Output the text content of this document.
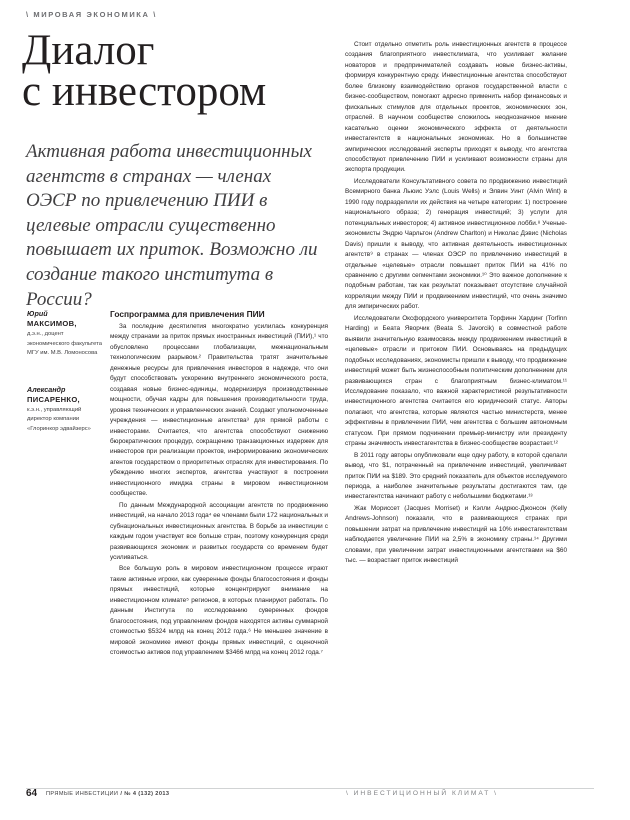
\ МИРОВАЯ ЭКОНОМИКА \
Диалог
с инвестором

Активная работа инвестиционных агентств в странах — членах ОЭСР по привлечению ПИИ в целевые отрасли существенно повышает их приток. Возможно ли создание такого института в России?

Юрий
МАКСИМОВ,
д.э.н., доцент экономического факультета МГУ им. М.В. Ломоносова
Александр
ПИСАРЕНКО,
к.э.н., управляющий директор компании «Глоринкор эдвайзерс»
Госпрограмма для привлечения ПИИ

За последние десятилетия многократно усилилась конкуренция между странами за приток прямых иностранных инвестиций (ПИИ),¹ что обусловлено процессами глобализации, межнациональным технологическим разрывом.² Правительства тратят значительные денежные ресурсы для привлечения инвесторов в надежде, что они будут способствовать ускорению внутреннего экономического роста, создавая новые бизнес-единицы, модернизируя производственные мощности, обучая кадры для повышения производительности труда, уровня технических и управленческих знаний. Создают уполномоченные учреждения — инвестиционные агентства³ для прямой работы с инвесторами. Считается, что агентства способствуют снижению бюрократических процедур, сокращению транзакционных издержек для инвесторов при реализации проектов, информированию экономических агентов государством о приоритетных отраслях для инвестирования. По убеждению многих экспертов, агентства участвуют в построении инвестиционного имиджа страны в мировом инвестиционном сообществе.

По данным Международной ассоциации агентств по продвижению инвестиций, на начало 2013 года⁴ ее членами были 172 национальных и субнациональных инвестиционных агентства. В борьбе за инвестиции с каждым годом участвует все больше стран, поэтому конкуренция среди развивающихся экономик и развитых государств со временем будет усиливаться.

Все большую роль в мировом инвестиционном процессе играют такие активные игроки, как суверенные фонды благосостояния и фонды прямых инвестиций, которые концентрируют внимание на инвестиционном климате⁵ регионов, в которых планируют работать. По данным Института по исследованию суверенных фондов благосостояния, под управлением фондов находятся активы суммарной стоимостью $5324 млрд на конец 2012 года.⁶ Не меньшее значение в мировой экономике имеют фонды прямых инвестиций, с оценочной стоимостью активов под управлением $3466 млрд на конец 2012 года.⁷

Стоит отдельно отметить роль инвестиционных агентств в процессе создания благоприятного инвестклимата, что усиливает желание новаторов и предпринимателей создавать новые бизнес-активы, формируя конкурентную среду. Инвестиционные агентства способствуют более близкому взаимодействию органов государственной власти с бизнес-сообществом, помогают адресно применить набор финансовых и фискальных стимулов для отдельных проектов, экономических зон, отраслей. В научном сообществе сложилось неоднозначное мнение касательно оценки экономического эффекта от деятельности инвестагентств в национальных экономиках. Но в большинстве эмпирических исследований эксперты приходят к выводу, что агентства способствуют привлечению ПИИ и усиливают возможности страны для экспорта продукции.

Исследователи Консультативного совета по продвижению инвестиций Всемирного банка Льюис Уэлс (Louis Wells) и Элвин Уинт (Alvin Wint) в 1990 году подразделили их действия на четыре категории: 1) построение национального образа; 2) генерация инвестиций; 3) услуги для потенциальных инвесторов; 4) активное инвестиционное лобби.⁸ Ученые-экономисты Эндрю Чарльтон (Andrew Charlton) и Николас Дэвис (Nicholas Davis) пришли к выводу, что активная деятельность инвестиционных агентств⁹ в странах — членах ОЭСР по привлечению инвестиций в отдельные «целевые» отрасли повышает приток ПИИ на 41% по сравнению с другими сегментами экономики.¹⁰ Это важное дополнение к подобным работам, так как результат показывает отсутствие случайной корреляции между ПИИ и продвижением инвестиций, что очень значимо для эмпирических работ.

Исследователи Оксфордского университета Торфинн Хардинг (Torfinn Harding) и Беата Яворчик (Beata S. Javorcik) в совместной работе выявили значительную взаимосвязь между продвижением инвестиций в «целевые» отрасли и притоком ПИИ. Основываясь на предыдущих подобных исследованиях, экономисты пришли к выводу, что продвижение инвестиций может быть жизнеспособным политическим дополнением для развивающихся стран с благоприятным бизнес-климатом.¹¹ Исследование показало, что важной характеристикой результативности инвестиционного агентства считается его юридический статус. Авторы полагают, что агентства, которые являются частью министерств, менее эффективны в привлечении ПИИ, чем агентства с большим автономным статусом. При прямом подчинении премьер-министру или президенту страны значимость инвестагентства в бизнес-сообществе возрастает.¹²

В 2011 году авторы опубликовали еще одну работу, в которой сделали вывод, что $1, потраченный на привлечение инвестиций, увеличивает приток ПИИ на $189. Это средний показатель для объектов исследуемого периода, а наиболее значительные результаты достигаются там, где инвестагентства начинают работу с небольшими бюджетами.¹³

Жак Мориссет (Jacques Morriset) и Кэлли Андрюс-Джонсон (Kelly Andrews-Johnson) показали, что в развивающихся странах при повышении затрат на привлечение инвестиций на 10% инвестагентствам наблюдается увеличение ПИИ на 2,5% в экономику страны.¹⁴ Другими словами, при увеличении затрат инвестиционными агентствами на $60 тыс. — возрастает приток инвестиций

64 ПРЯМЫЕ ИНВЕСТИЦИИ / № 4 (132) 2013	\ ИНВЕСТИЦИОННЫЙ КЛИМАТ \
